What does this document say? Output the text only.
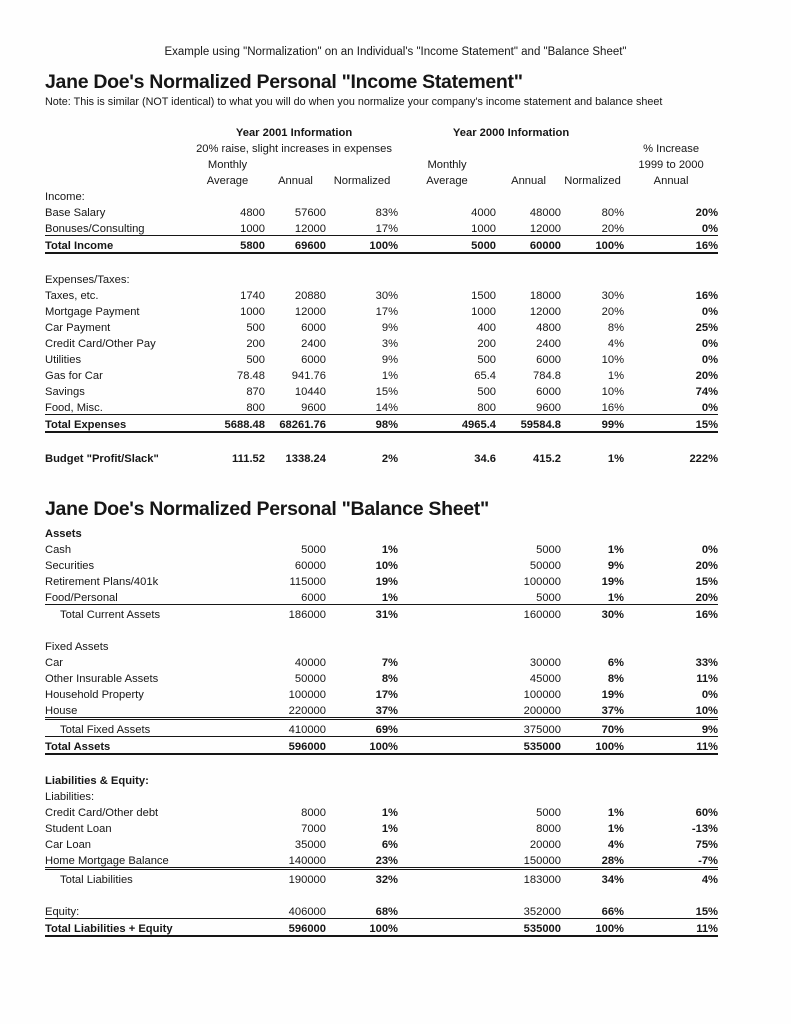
Example using "Normalization" on an Individual's "Income Statement" and "Balance Sheet"
Jane Doe's Normalized Personal "Income Statement"
Note: This is similar (NOT identical) to what you will do when you normalize your company's income statement and balance sheet
	Year 2001 Information			Year 2000 Information			
	20% raise, slight increases in expenses						% Increase
	Monthly			Monthly			1999 to 2000
	Average	Annual	Normalized	Average	Annual	Normalized	Annual
Income:							
Base Salary	4800	57600	83%	4000	48000	80%	20%
Bonuses/Consulting	1000	12000	17%	1000	12000	20%	0%
Total Income	5800	69600	100%	5000	60000	100%	16%

Expenses/Taxes:							
Taxes, etc.	1740	20880	30%	1500	18000	30%	16%
Mortgage Payment	1000	12000	17%	1000	12000	20%	0%
Car Payment	500	6000	9%	400	4800	8%	25%
Credit Card/Other Pay	200	2400	3%	200	2400	4%	0%
Utilities	500	6000	9%	500	6000	10%	0%
Gas for Car	78.48	941.76	1%	65.4	784.8	1%	20%
Savings	870	10440	15%	500	6000	10%	74%
Food, Misc.	800	9600	14%	800	9600	16%	0%
Total Expenses	5688.48	68261.76	98%	4965.4	59584.8	99%	15%

Budget "Profit/Slack"	111.52	1338.24	2%	34.6	415.2	1%	222%
Jane Doe's Normalized Personal "Balance Sheet"
Assets							
Cash		5000	1%		5000	1%	0%
Securities		60000	10%		50000	9%	20%
Retirement Plans/401k		115000	19%		100000	19%	15%
Food/Personal		6000	1%		5000	1%	20%
Total Current Assets		186000	31%		160000	30%	16%

Fixed Assets							
Car		40000	7%		30000	6%	33%
Other Insurable Assets		50000	8%		45000	8%	11%
Household Property		100000	17%		100000	19%	0%
House		220000	37%		200000	37%	10%
Total Fixed Assets		410000	69%		375000	70%	9%
Total Assets		596000	100%		535000	100%	11%

Liabilities & Equity:							
Liabilities:							
Credit Card/Other debt		8000	1%		5000	1%	60%
Student Loan		7000	1%		8000	1%	-13%
Car Loan		35000	6%		20000	4%	75%
Home Mortgage Balance		140000	23%		150000	28%	-7%
Total Liabilities		190000	32%		183000	34%	4%

Equity:		406000	68%		352000	66%	15%
Total Liabilities + Equity		596000	100%		535000	100%	11%
